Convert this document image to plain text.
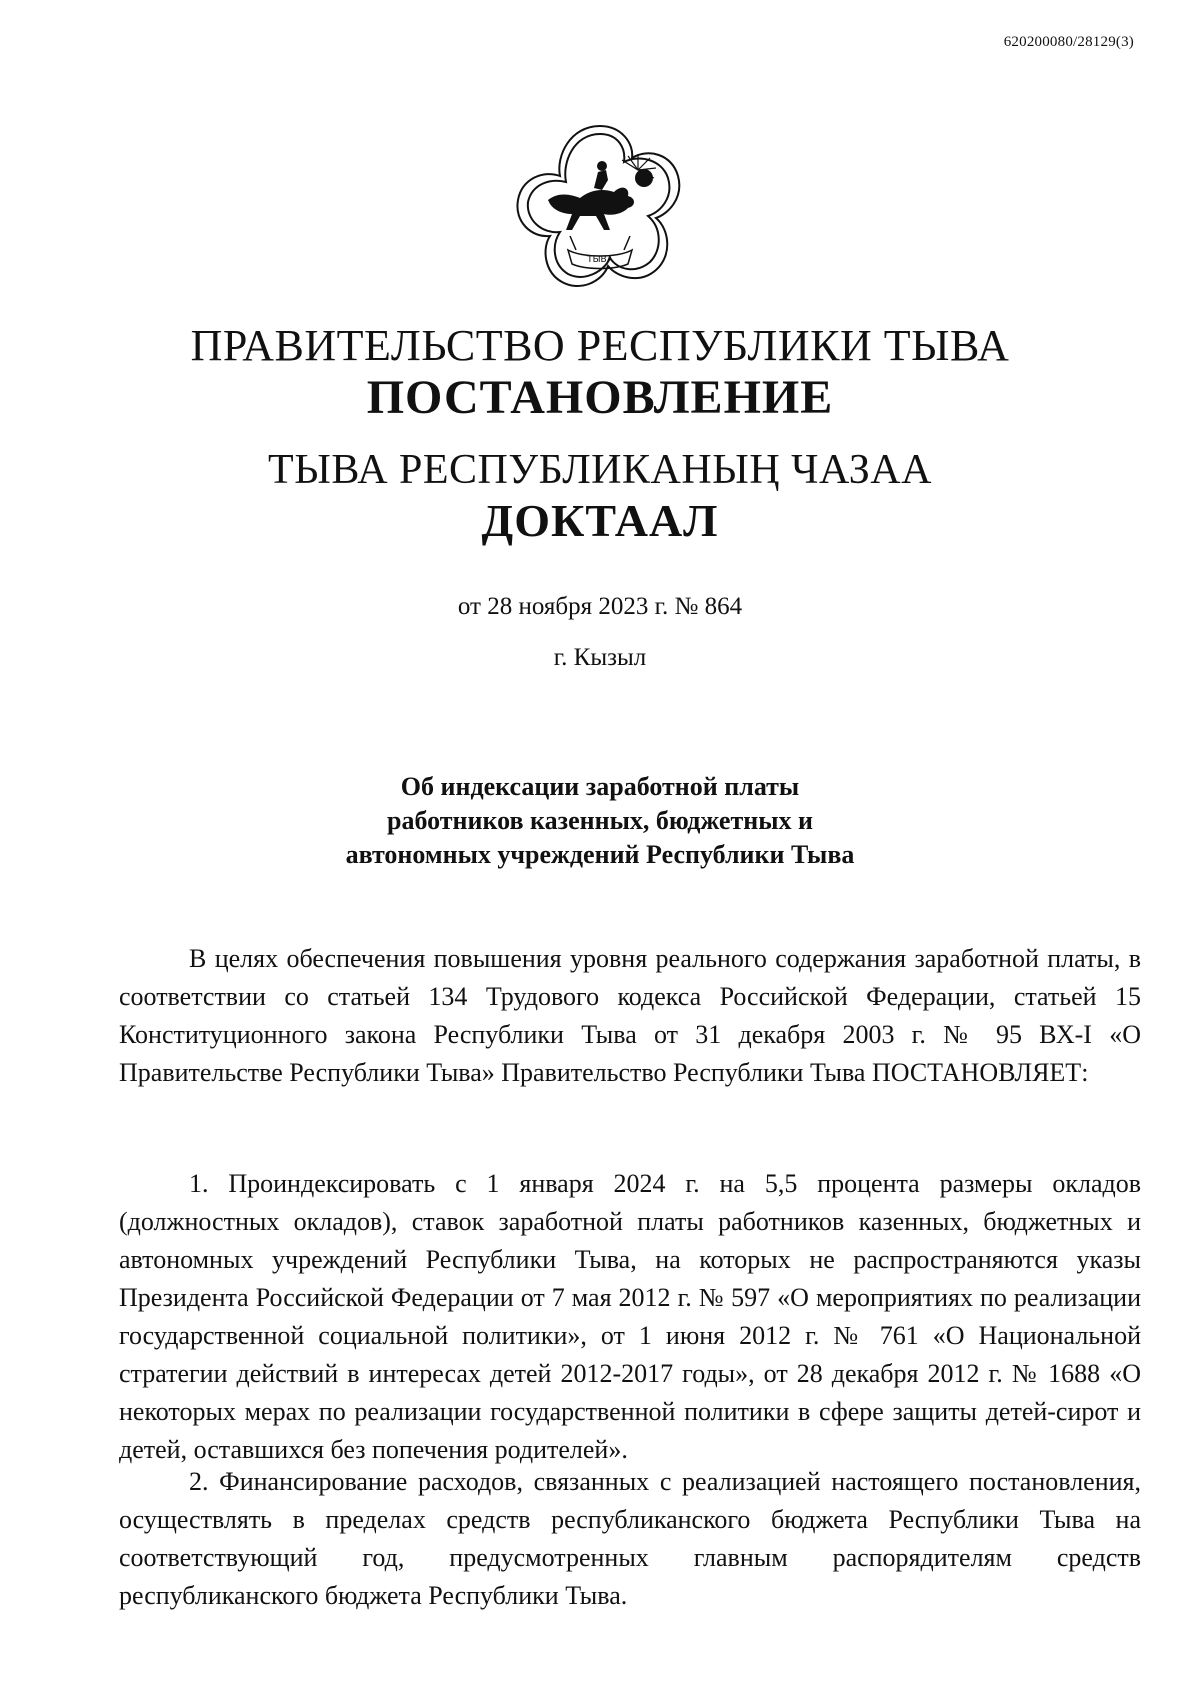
620200080/28129(3)
ТЫВА
ПРАВИТЕЛЬСТВО РЕСПУБЛИКИ ТЫВА
ПОСТАНОВЛЕНИЕ
ТЫВА РЕСПУБЛИКАНЫҢ ЧАЗАА
ДОКТААЛ
от 28 ноября 2023 г. № 864
г. Кызыл
Об индексации заработной платы
работников казенных, бюджетных и
автономных учреждений Республики Тыва

В целях обеспечения повышения уровня реального содержания заработной платы, в соответствии со статьей 134 Трудового кодекса Российской Федерации, статьей 15 Конституционного закона Республики Тыва от 31 декабря 2003 г. № 95 ВХ-I «О Правительстве Республики Тыва» Правительство Республики Тыва ПОСТАНОВЛЯЕТ:

1. Проиндексировать с 1 января 2024 г. на 5,5 процента размеры окладов (должностных окладов), ставок заработной платы работников казенных, бюджетных и автономных учреждений Республики Тыва, на которых не распространяются указы Президента Российской Федерации от 7 мая 2012 г. № 597 «О мероприятиях по реализации государственной социальной политики», от 1 июня 2012 г. № 761 «О Национальной стратегии действий в интересах детей 2012-2017 годы», от 28 декабря 2012 г. № 1688 «О некоторых мерах по реализации государственной политики в сфере защиты детей-сирот и детей, оставшихся без попечения родителей».

2. Финансирование расходов, связанных с реализацией настоящего постановления, осуществлять в пределах средств республиканского бюджета Республики Тыва на соответствующий год, предусмотренных главным распорядителям средств республиканского бюджета Республики Тыва.
